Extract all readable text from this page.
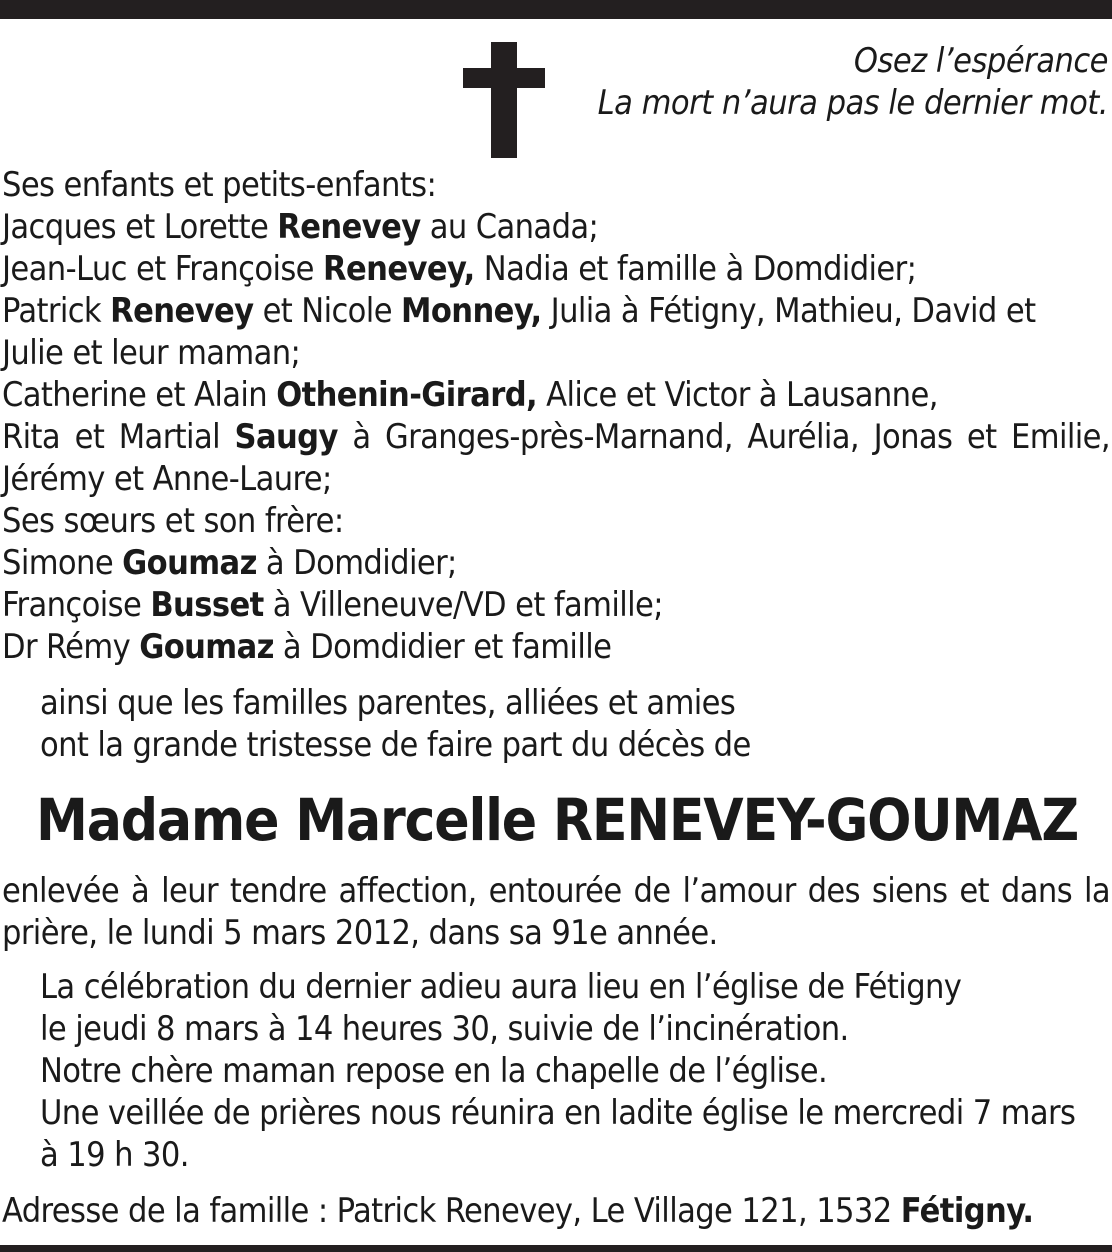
Osez l’espérance
La mort n’aura pas le dernier mot.
Ses enfants et petits-enfants:
Jacques et Lorette Renevey au Canada;
Jean-Luc et Françoise Renevey, Nadia et famille à Domdidier;
Patrick Renevey et Nicole Monney, Julia à Fétigny, Mathieu, David et
Julie et leur maman;
Catherine et Alain Othenin-Girard, Alice et Victor à Lausanne,
Rita et Martial Saugy à Granges-près-Marnand, Aurélia, Jonas et Emilie,
Jérémy et Anne-Laure;
Ses sœurs et son frère:
Simone Goumaz à Domdidier;
Françoise Busset à Villeneuve/VD et famille;
Dr Rémy Goumaz à Domdidier et famille
ainsi que les familles parentes, alliées et amies
ont la grande tristesse de faire part du décès de
Madame Marcelle RENEVEY-GOUMAZ
enlevée à leur tendre affection, entourée de l’amour des siens et dans la
prière, le lundi 5 mars 2012, dans sa 91e année.
La célébration du dernier adieu aura lieu en l’église de Fétigny
le jeudi 8 mars à 14 heures 30, suivie de l’incinération.
Notre chère maman repose en la chapelle de l’église.
Une veillée de prières nous réunira en ladite église le mercredi 7 mars
à 19 h 30.
Adresse de la famille : Patrick Renevey, Le Village 121, 1532 Fétigny.
